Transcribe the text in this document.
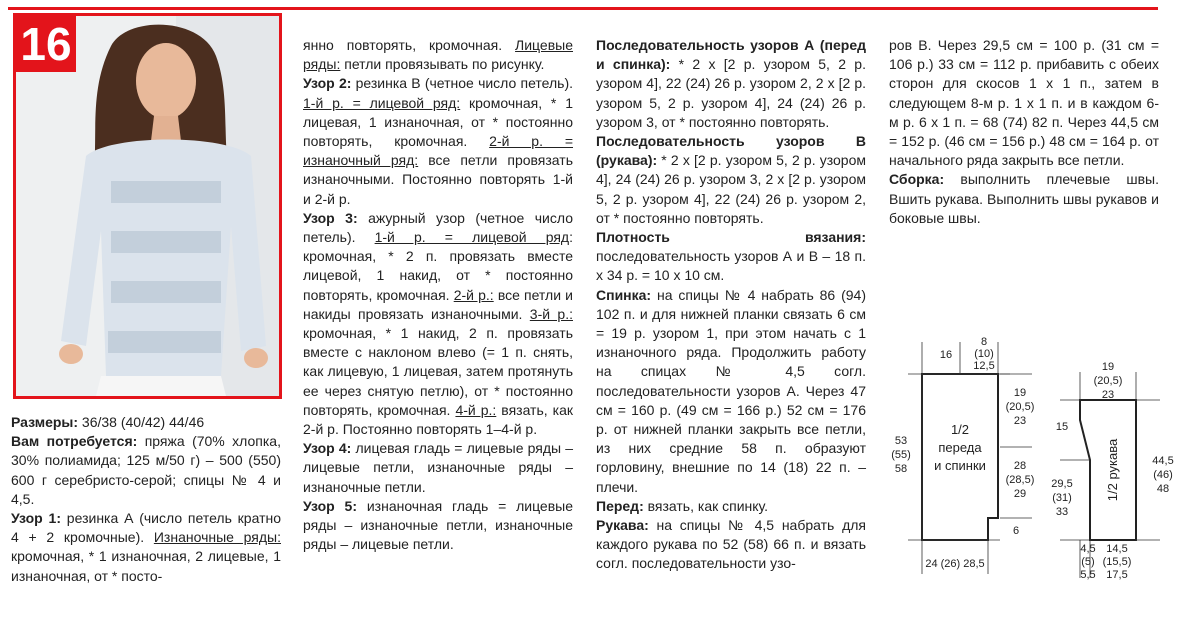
16

Размеры: 36/38 (40/42) 44/46

Вам потребуется: пряжа (70% хлопка, 30% полиамида; 125 м/50 г) – 500 (550) 600 г серебристо-серой; спицы № 4 и 4,5.

Узор 1: резинка А (число петель кратно 4 + 2 кромочные). Изнаночные ряды: кромочная, * 1 изнаночная, 2 лицевые, 1 изнаночная, от * посто-

янно повторять, кромочная. Лицевые ряды: петли провязывать по рисунку.

Узор 2: резинка В (четное число петель). 1-й р. = лицевой ряд: кромочная, * 1 лицевая, 1 изнаночная, от * постоянно повторять, кромочная. 2-й р. = изнаночный ряд: все петли провязать изнаночными. Постоянно повторять 1-й и 2-й р.

Узор 3: ажурный узор (четное число петель). 1-й р. = лицевой ряд: кромочная, * 2 п. провязать вместе лицевой, 1 накид, от * постоянно повторять, кромочная. 2-й р.: все петли и накиды провязать изнаночными. 3-й р.: кромочная, * 1 накид, 2 п. провязать вместе с наклоном влево (= 1 п. снять, как лицевую, 1 лицевая, затем протянуть ее через снятую петлю), от * постоянно повторять, кромочная. 4-й р.: вязать, как 2-й р. Постоянно повторять 1–4-й р.

Узор 4: лицевая гладь = лицевые ряды – лицевые петли, изнаночные ряды – изнаночные петли.

Узор 5: изнаночная гладь = лицевые ряды – изнаночные петли, изнаночные ряды – лицевые петли.

Последовательность узоров А (перед и спинка): * 2 x [2 р. узором 5, 2 р. узором 4], 22 (24) 26 р. узором 2, 2 x [2 р. узором 5, 2 р. узором 4], 24 (24) 26 р. узором 3, от * постоянно повторять.

Последовательность узоров В (рукава): * 2 x [2 р. узором 5, 2 р. узором 4], 24 (24) 26 р. узором 3, 2 x [2 р. узором 5, 2 р. узором 4], 22 (24) 26 р. узором 2, от * постоянно повторять.

Плотность вязания: последовательность узоров А и В – 18 п. x 34 р. = 10 x 10 см.

Спинка: на спицы № 4 набрать 86 (94) 102 п. и для нижней планки связать 6 см = 19 р. узором 1, при этом начать с 1 изнаночного ряда. Продолжить работу на спицах № 4,5 согл. последовательности узоров А. Через 47 см = 160 р. (49 см = 166 р.) 52 см = 176 р. от нижней планки закрыть все петли, из них средние 58 п. образуют горловину, внешние по 14 (18) 22 п. – плечи.

Перед: вязать, как спинку.

Рукава: на спицы № 4,5 набрать для каждого рукава по 52 (58) 66 п. и вязать согл. последовательности узо-

ров В. Через 29,5 см = 100 р. (31 см = 106 р.) 33 см = 112 р. прибавить с обеих сторон для скосов 1 x 1 п., затем в следующем 8-м р. 1 x 1 п. и в каждом 6-м р. 6 x 1 п. = 68 (74) 82 п. Через 44,5 см = 152 р. (46 см = 156 р.) 48 см = 164 р. от начального ряда закрыть все петли.

Сборка: выполнить плечевые швы. Вшить рукава. Выполнить швы рукавов и боковые швы.

1/2
переда
и спинки
16
8
(10)
12,5
19
(20,5)
23
28
(28,5)
29
6
53
(55)
58
24 (26) 28,5
1/2 рукава
19
(20,5)
23
15
29,5
(31)
33
44,5
(46)
48
4,5
(5)
5,5
14,5
(15,5)
17,5
